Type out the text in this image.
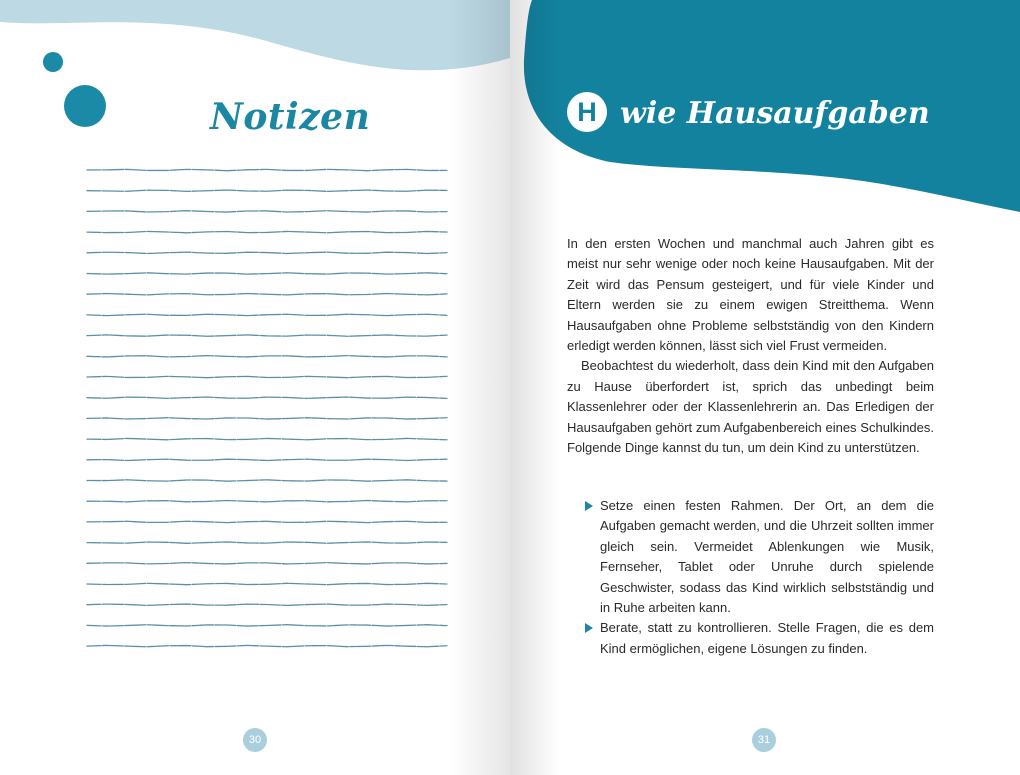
Notizen
30
H wie Hausaufgaben

In den ersten Wochen und manchmal auch Jahren gibt es meist nur sehr wenige oder noch keine Hausaufgaben. Mit der Zeit wird das Pensum gesteigert, und für viele Kinder und Eltern werden sie zu einem ewigen Streitthema. Wenn Hausaufgaben ohne Probleme selbstständig von den Kindern erledigt werden können, lässt sich viel Frust vermeiden.

Beobachtest du wiederholt, dass dein Kind mit den Aufgaben zu Hause überfordert ist, sprich das unbedingt beim Klassenlehrer oder der Klassenlehrerin an. Das Erledigen der Hausaufgaben gehört zum Aufgabenbereich eines Schulkindes. Folgende Dinge kannst du tun, um dein Kind zu unterstützen.

Setze einen festen Rahmen. Der Ort, an dem die Aufgaben gemacht werden, und die Uhrzeit sollten immer gleich sein. Vermeidet Ablenkungen wie Musik, Fernseher, Tablet oder Unruhe durch spielende Geschwister, sodass das Kind wirklich selbstständig und in Ruhe arbeiten kann.
Berate, statt zu kontrollieren. Stelle Fragen, die es dem Kind ermöglichen, eigene Lösungen zu finden.
31
